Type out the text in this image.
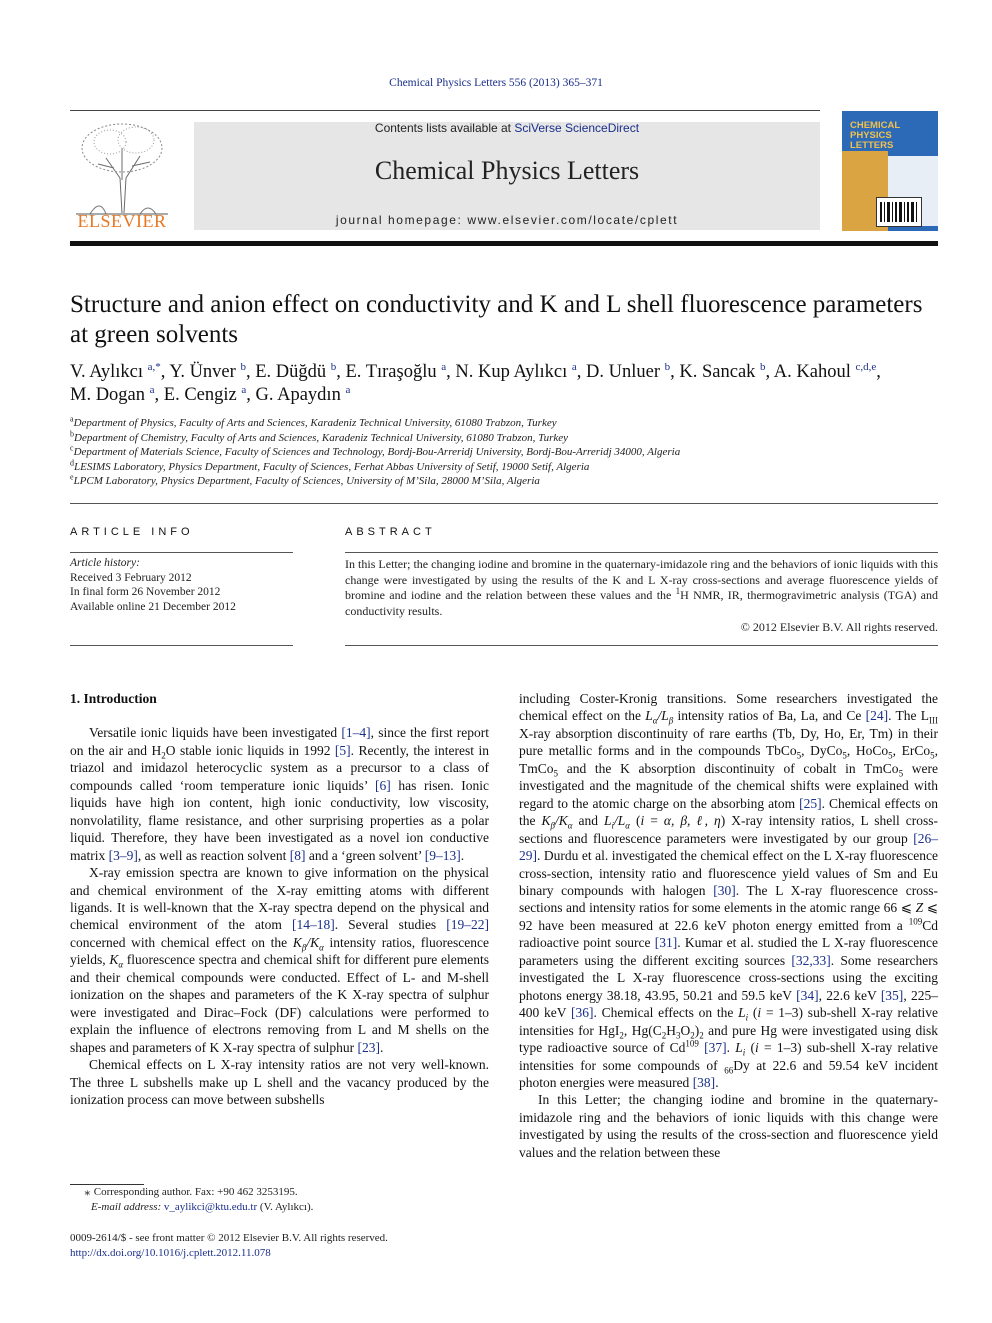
Chemical Physics Letters 556 (2013) 365–371
ELSEVIER
Contents lists available at SciVerse ScienceDirect
Chemical Physics Letters
journal homepage: www.elsevier.com/locate/cplett
CHEMICAL
PHYSICS
LETTERS
Structure and anion effect on conductivity and K and L shell fluorescence parameters at green solvents
V. Aylıkcı $^{a,*}$, Y. Ünver $^b$, E. Düğdü $^b$, E. Tıraşoğlu $^a$, N. Kup Aylıkcı $^a$, D. Unluer $^b$, K. Sancak $^b$, A. Kahoul $^{c,d,e}$,
M. Dogan $^a$, E. Cengiz $^a$, G. Apaydın $^a$
$^a$Department of Physics, Faculty of Arts and Sciences, Karadeniz Technical University, 61080 Trabzon, Turkey
$^b$Department of Chemistry, Faculty of Arts and Sciences, Karadeniz Technical University, 61080 Trabzon, Turkey
$^c$Department of Materials Science, Faculty of Sciences and Technology, Bordj-Bou-Arreridj University, Bordj-Bou-Arreridj 34000, Algeria
$^d$LESIMS Laboratory, Physics Department, Faculty of Sciences, Ferhat Abbas University of Setif, 19000 Setif, Algeria
$^e$LPCM Laboratory, Physics Department, Faculty of Sciences, University of M’Sila, 28000 M’Sila, Algeria
ARTICLE INFO	ABSTRACT
Article history:
Received 3 February 2012
In final form 26 November 2012
Available online 21 December 2012
In this Letter; the changing iodine and bromine in the quaternary-imidazole ring and the behaviors of ionic liquids with this change were investigated by using the results of the K and L X-ray cross-sections and average fluorescence yields of bromine and iodine and the relation between these values and the $^1$H NMR, IR, thermogravimetric analysis (TGA) and conductivity results.
© 2012 Elsevier B.V. All rights reserved.
1. Introduction

Versatile ionic liquids have been investigated [1–4], since the first report on the air and $H_2O$ stable ionic liquids in 1992 [5]. Recently, the interest in triazol and imidazol heterocyclic system as a precursor to a class of compounds called ‘room temperature ionic liquids’ [6] has risen. Ionic liquids have high ion content, high ionic conductivity, low viscosity, nonvolatility, flame resistance, and other surprising properties as a polar liquid. Therefore, they have been investigated as a novel ion conductive matrix [3–9], as well as reaction solvent [8] and a ‘green solvent’ [9–13].

X-ray emission spectra are known to give information on the physical and chemical environment of the X-ray emitting atoms with different ligands. It is well-known that the X-ray spectra depend on the physical and chemical environment of the atom [14–18]. Several studies [19–22] concerned with chemical effect on the $K_\beta/K_\alpha$ intensity ratios, fluorescence yields, $K_\alpha$ fluorescence spectra and chemical shift for different pure elements and their chemical compounds were conducted. Effect of L- and M-shell ionization on the shapes and parameters of the K X-ray spectra of sulphur were investigated and Dirac–Fock (DF) calculations were performed to explain the influence of electrons removing from L and M shells on the shapes and parameters of K X-ray spectra of sulphur [23].

Chemical effects on L X-ray intensity ratios are not very well-known. The three L subshells make up L shell and the vacancy produced by the ionization process can move between subshells

including Coster-Kronig transitions. Some researchers investigated the chemical effect on the $L_\alpha/L_\beta$ intensity ratios of Ba, La, and Ce [24]. The $L_{III}$ X-ray absorption discontinuity of rare earths (Tb, Dy, Ho, Er, Tm) in their pure metallic forms and in the compounds TbCo$_5$, DyCo$_5$, HoCo$_5$, ErCo$_5$, TmCo$_5$ and the K absorption discontinuity of cobalt in TmCo$_5$ were investigated and the magnitude of the chemical shifts were explained with regard to the atomic charge on the absorbing atom [25]. Chemical effects on the $K_\beta/K_\alpha$ and $L_i/L_\alpha$ (i = α, β, ℓ, η) X-ray intensity ratios, L shell cross-sections and fluorescence parameters were investigated by our group [26–29]. Durdu et al. investigated the chemical effect on the L X-ray fluorescence cross-section, intensity ratio and fluorescence yield values of Sm and Eu binary compounds with halogen [30]. The L X-ray fluorescence cross-sections and intensity ratios for some elements in the atomic range 66 ⩽ Z ⩽ 92 have been measured at 22.6 keV photon energy emitted from a $^{109}$Cd radioactive point source [31]. Kumar et al. studied the L X-ray fluorescence parameters using the different exciting sources [32,33]. Some researchers investigated the L X-ray fluorescence cross-sections using the exciting photons energy 38.18, 43.95, 50.21 and 59.5 keV [34], 22.6 keV [35], 225–400 keV [36]. Chemical effects on the $L_i$ (i = 1–3) sub-shell X-ray relative intensities for HgI$_2$, $Hg(C_2H_3O_2)_2$ and pure Hg were investigated using disk type radioactive source of Cd$^{109}$ [37]. $L_i$ (i = 1–3) sub-shell X-ray relative intensities for some compounds of $_{66}$Dy at 22.6 and 59.54 keV incident photon energies were measured [38].

In this Letter; the changing iodine and bromine in the quaternary-imidazole ring and the behaviors of ionic liquids with this change were investigated by using the results of the cross-section and fluorescence yield values and the relation between these

⁎ Corresponding author. Fax: +90 462 3253195.
E-mail address: v_aylikci@ktu.edu.tr (V. Aylıkcı).
0009-2614/$ - see front matter © 2012 Elsevier B.V. All rights reserved.
http://dx.doi.org/10.1016/j.cplett.2012.11.078
